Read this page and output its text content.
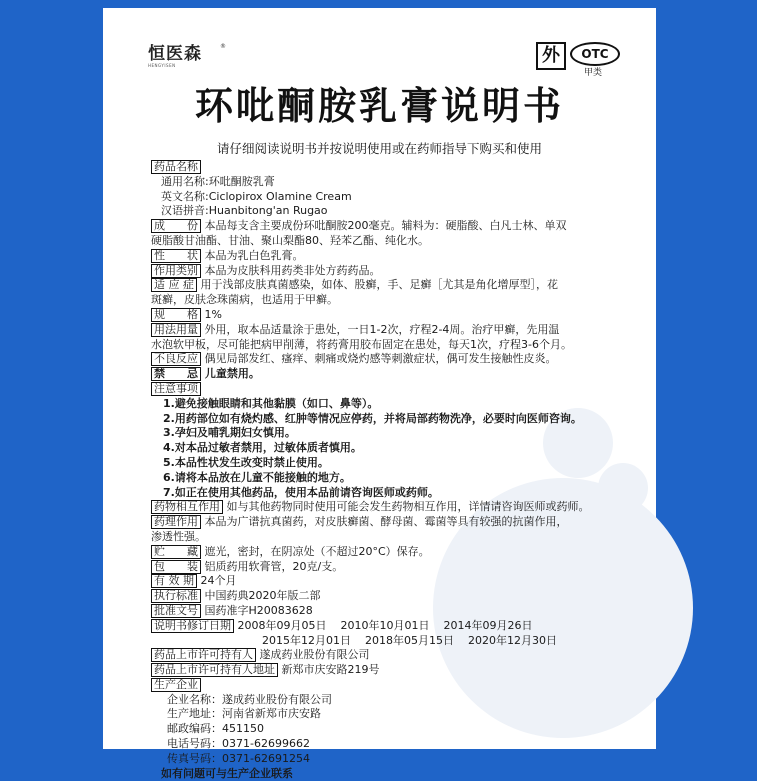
恒医森
HENGYISEN
®	外	OTC
甲类
环吡酮胺乳膏说明书
请仔细阅读说明书并按说明使用或在药师指导下购买和使用
药品名称
通用名称:环吡酮胺乳膏
英文名称:Ciclopirox Olamine Cream
汉语拼音:Huanbitong'an Rugao
成　　份 本品每支含主要成份环吡酮胺200毫克。辅料为：硬脂酸、白凡士林、单双
硬脂酸甘油酯、甘油、聚山梨酯80、羟苯乙酯、纯化水。
性　　状 本品为乳白色乳膏。
作用类别 本品为皮肤科用药类非处方药药品。
适 应 症 用于浅部皮肤真菌感染，如体、股癣，手、足癣［尤其是角化增厚型］，花
斑癣，皮肤念珠菌病，也适用于甲癣。
规　　格 1%
用法用量 外用，取本品适量涂于患处，一日1-2次，疗程2-4周。治疗甲癣，先用温
水泡软甲板，尽可能把病甲削薄，将药膏用胶布固定在患处，每天1次，疗程3-6个月。
不良反应 偶见局部发红、瘙痒、刺痛或烧灼感等刺激症状，偶可发生接触性皮炎。
禁　　忌 儿童禁用。
注意事项
1.避免接触眼睛和其他黏膜（如口、鼻等）。
2.用药部位如有烧灼感、红肿等情况应停药，并将局部药物洗净，必要时向医师咨询。
3.孕妇及哺乳期妇女慎用。
4.对本品过敏者禁用，过敏体质者慎用。
5.本品性状发生改变时禁止使用。
6.请将本品放在儿童不能接触的地方。
7.如正在使用其他药品，使用本品前请咨询医师或药师。
药物相互作用 如与其他药物同时使用可能会发生药物相互作用，详情请咨询医师或药师。
药理作用 本品为广谱抗真菌药，对皮肤癣菌、酵母菌、霉菌等具有较强的抗菌作用，
渗透性强。
贮　　藏 遮光，密封，在阴凉处（不超过20°C）保存。
包　　装 铝质药用软膏管，20克/支。
有 效 期 24个月
执行标准 中国药典2020年版二部
批准文号 国药准字H20083628
说明书修订日期 2008年09月05日 2010年10月01日 2014年09月26日
2015年12月01日 2018年05月15日 2020年12月30日
药品上市许可持有人 遂成药业股份有限公司
药品上市许可持有人地址 新郑市庆安路219号
生产企业
企业名称：遂成药业股份有限公司
生产地址：河南省新郑市庆安路
邮政编码：451150
电话号码：0371-62699662
传真号码：0371-62691254
如有问题可与生产企业联系
